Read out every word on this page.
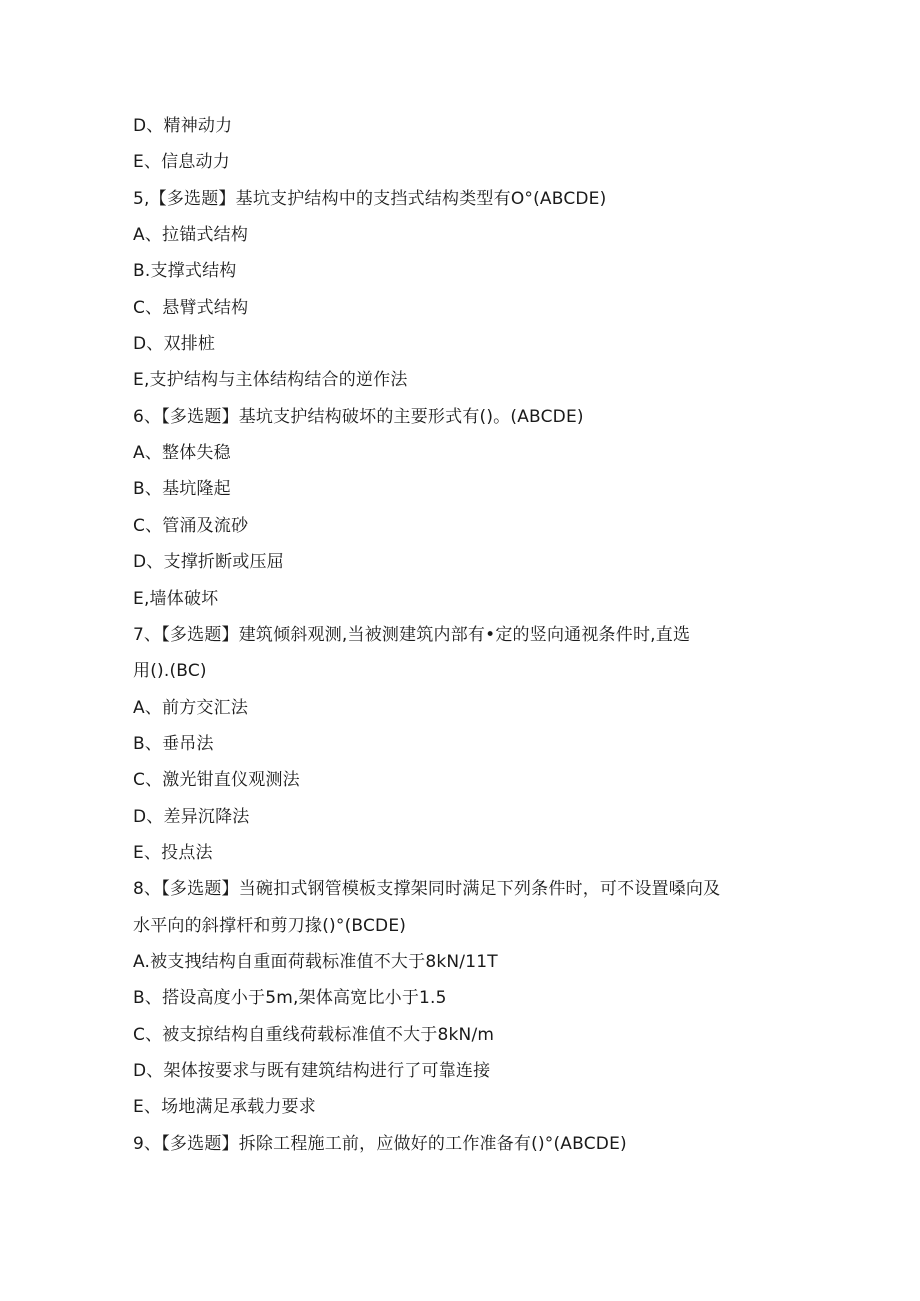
D、精神动力
E、信息动力
5,【多选题】基坑支护结构中的支挡式结构类型有O°(ABCDE)
A、拉锚式结构
B.支撑式结构
C、悬臂式结构
D、双排桩
E,支护结构与主体结构结合的逆作法
6、【多选题】基坑支护结构破坏的主要形式有()。(ABCDE)
A、整体失稳
B、基坑隆起
C、管涌及流砂
D、支撑折断或压屈
E,墙体破坏
7、【多选题】建筑倾斜观测,当被测建筑内部有•定的竖向通视条件时,直选
用().(BC)
A、前方交汇法
B、垂吊法
C、激光钳直仪观测法
D、差异沉降法
E、投点法
8、【多选题】当碗扣式钢管模板支撑架同时满足下列条件时，可不设置嗓向及
水平向的斜撑杆和剪刀掾()°(BCDE)
A.被支拽结构自重面荷载标准值不大于8kN∕11T
B、搭设高度小于5m,架体高宽比小于1.5
C、被支掠结构自重线荷载标准值不大于8kN∕m
D、架体按要求与既有建筑结构进行了可靠连接
E、场地满足承载力要求
9、【多选题】拆除工程施工前，应做好的工作准备有()°(ABCDE)
